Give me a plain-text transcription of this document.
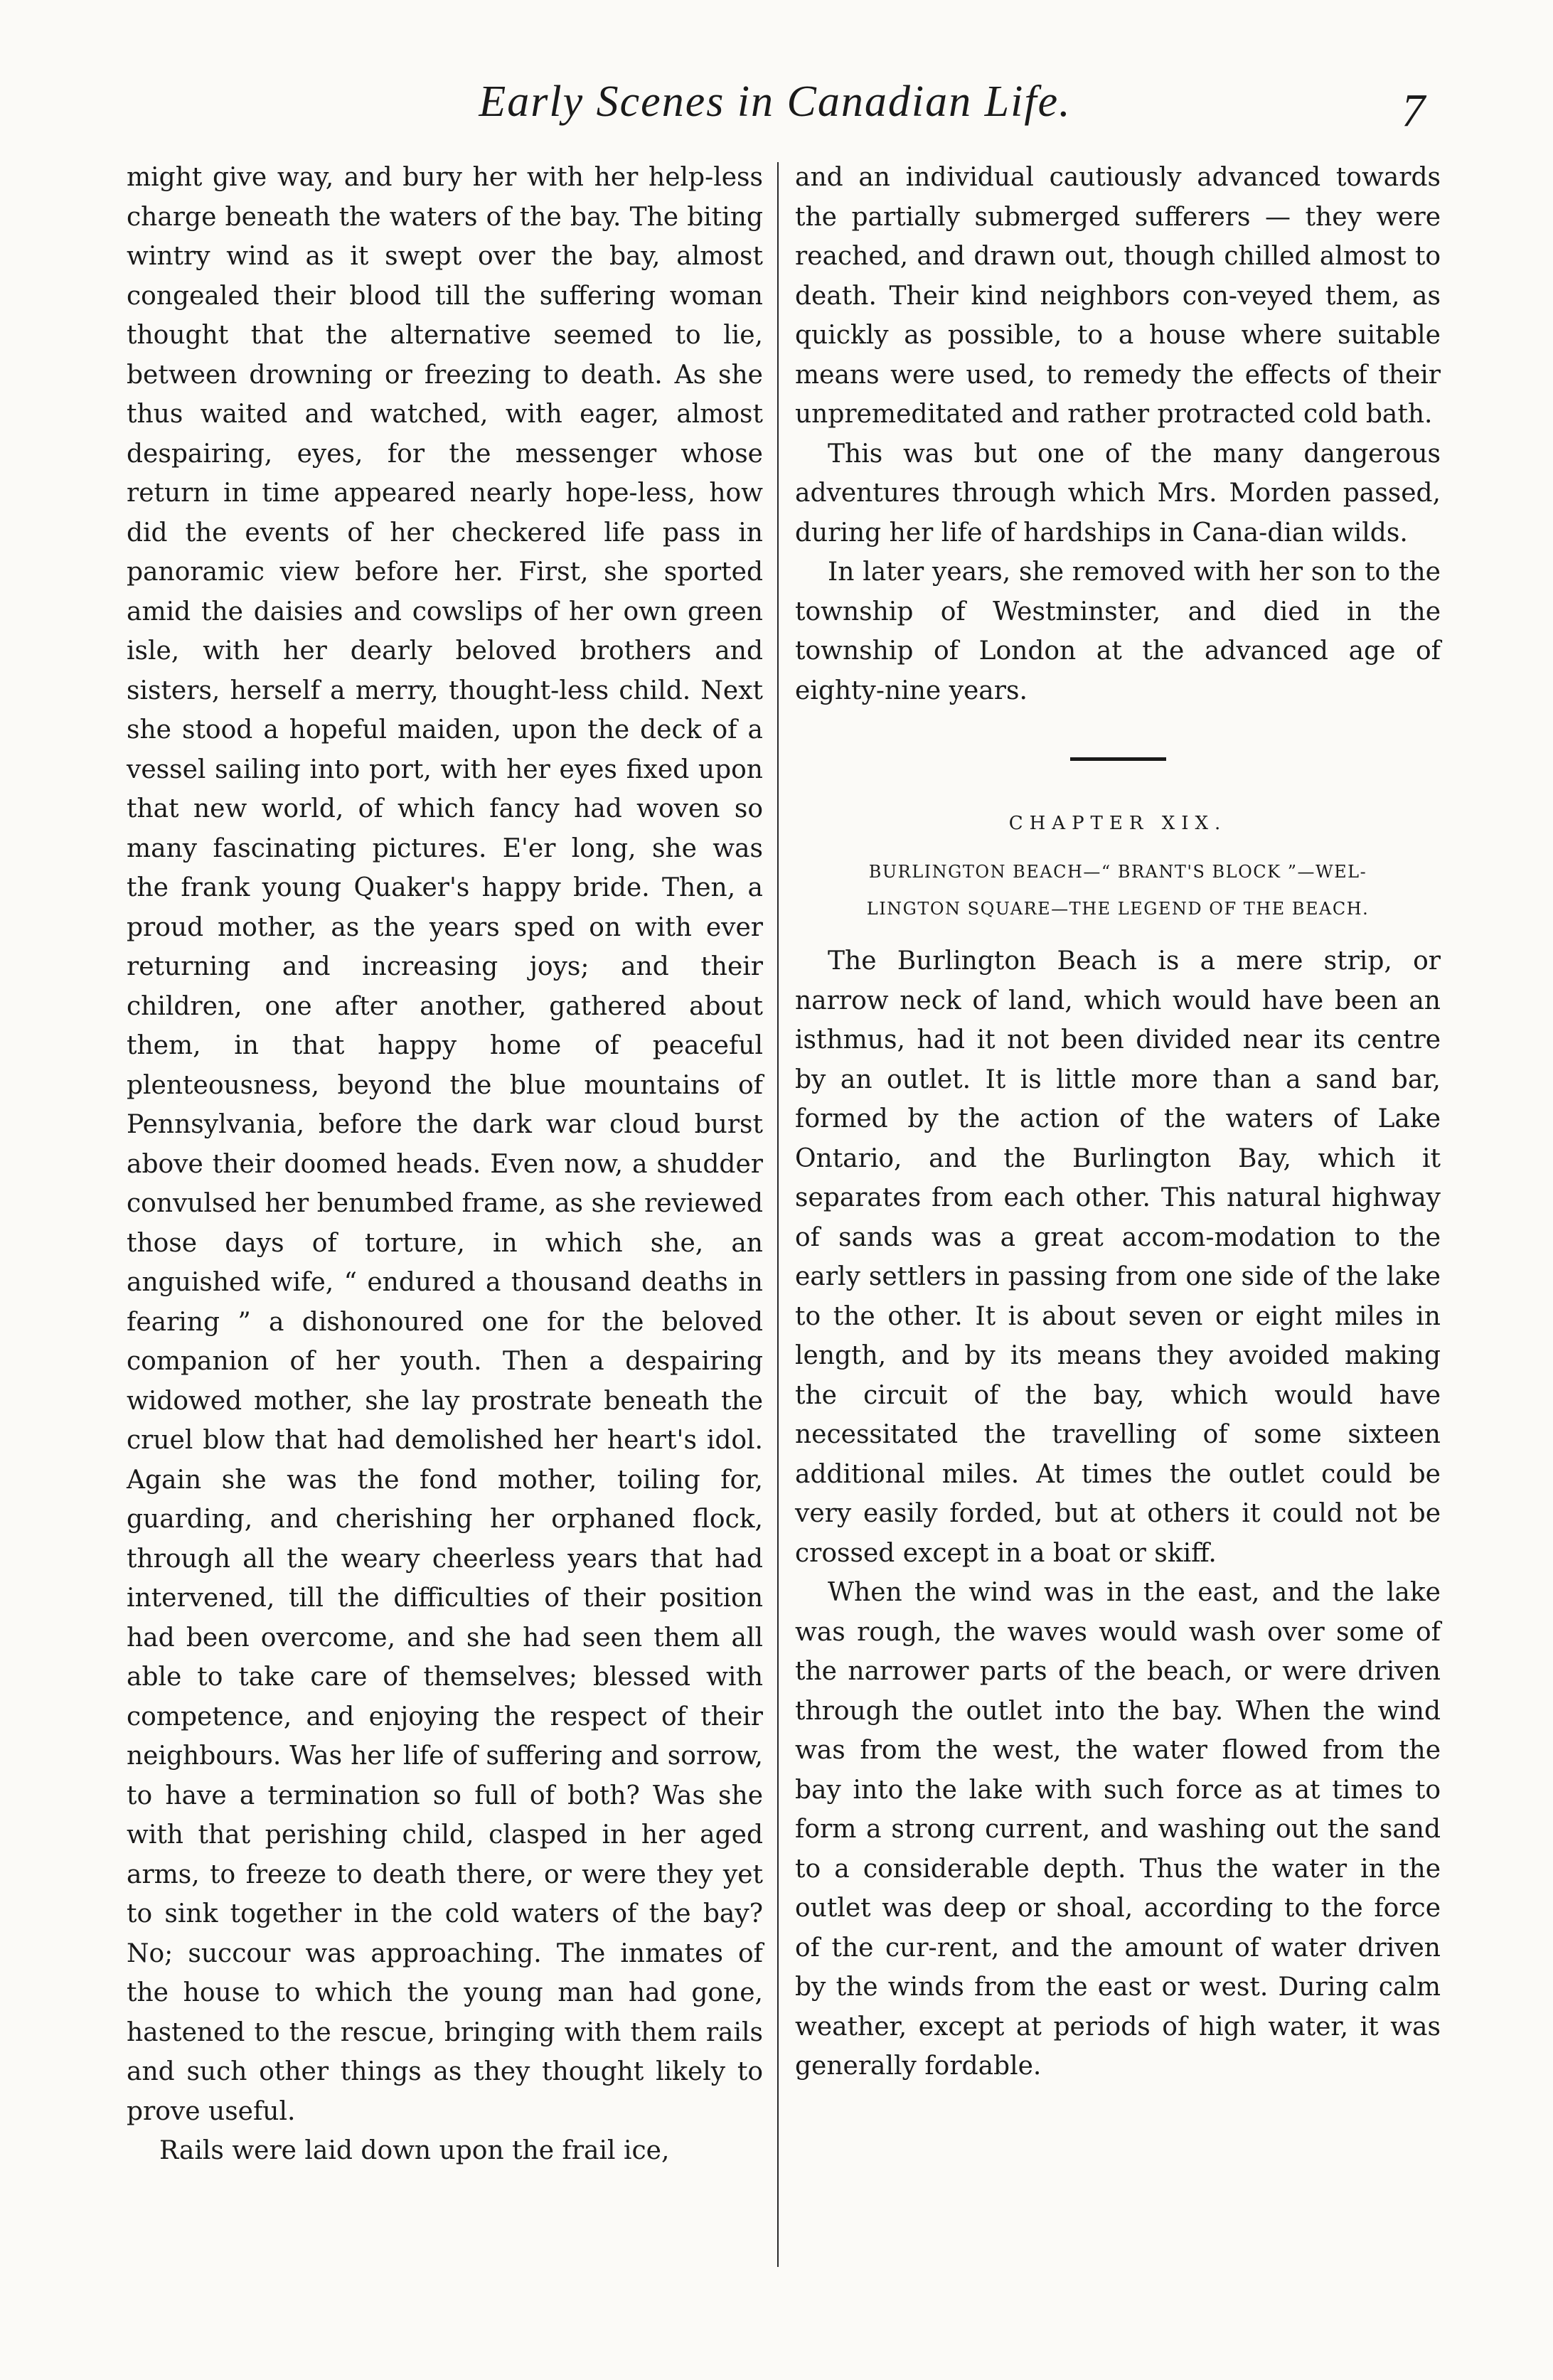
Early Scenes in Canadian Life.	7

might give way, and bury her with her help-less charge beneath the waters of the bay. The biting wintry wind as it swept over the bay, almost congealed their blood till the suffering woman thought that the alternative seemed to lie, between drowning or freezing to death. As she thus waited and watched, with eager, almost despairing, eyes, for the messenger whose return in time appeared nearly hope-less, how did the events of her checkered life pass in panoramic view before her. First, she sported amid the daisies and cowslips of her own green isle, with her dearly beloved brothers and sisters, herself a merry, thought-less child. Next she stood a hopeful maiden, upon the deck of a vessel sailing into port, with her eyes fixed upon that new world, of which fancy had woven so many fascinating pictures. E'er long, she was the frank young Quaker's happy bride. Then, a proud mother, as the years sped on with ever returning and increasing joys; and their children, one after another, gathered about them, in that happy home of peaceful plenteousness, beyond the blue mountains of Pennsylvania, before the dark war cloud burst above their doomed heads. Even now, a shudder convulsed her benumbed frame, as she reviewed those days of torture, in which she, an anguished wife, “ endured a thousand deaths in fearing ” a dishonoured one for the beloved companion of her youth. Then a despairing widowed mother, she lay prostrate beneath the cruel blow that had demolished her heart's idol. Again she was the fond mother, toiling for, guarding, and cherishing her orphaned flock, through all the weary cheerless years that had intervened, till the difficulties of their position had been overcome, and she had seen them all able to take care of themselves; blessed with competence, and enjoying the respect of their neighbours. Was her life of suffering and sorrow, to have a termination so full of both? Was she with that perishing child, clasped in her aged arms, to freeze to death there, or were they yet to sink together in the cold waters of the bay? No; succour was approaching. The inmates of the house to which the young man had gone, hastened to the rescue, bringing with them rails and such other things as they thought likely to prove useful.

Rails were laid down upon the frail ice,

and an individual cautiously advanced towards the partially submerged sufferers — they were reached, and drawn out, though chilled almost to death. Their kind neighbors con-veyed them, as quickly as possible, to a house where suitable means were used, to remedy the effects of their unpremeditated and rather protracted cold bath.

This was but one of the many dangerous adventures through which Mrs. Morden passed, during her life of hardships in Cana-dian wilds.

In later years, she removed with her son to the township of Westminster, and died in the township of London at the advanced age of eighty-nine years.

CHAPTER XIX.
BURLINGTON BEACH—“ BRANT'S BLOCK ”—WEL-
LINGTON SQUARE—THE LEGEND OF THE BEACH.

The Burlington Beach is a mere strip, or narrow neck of land, which would have been an isthmus, had it not been divided near its centre by an outlet. It is little more than a sand bar, formed by the action of the waters of Lake Ontario, and the Burlington Bay, which it separates from each other. This natural highway of sands was a great accom-modation to the early settlers in passing from one side of the lake to the other. It is about seven or eight miles in length, and by its means they avoided making the circuit of the bay, which would have necessitated the travelling of some sixteen additional miles. At times the outlet could be very easily forded, but at others it could not be crossed except in a boat or skiff.

When the wind was in the east, and the lake was rough, the waves would wash over some of the narrower parts of the beach, or were driven through the outlet into the bay. When the wind was from the west, the water flowed from the bay into the lake with such force as at times to form a strong current, and washing out the sand to a considerable depth. Thus the water in the outlet was deep or shoal, according to the force of the cur-rent, and the amount of water driven by the winds from the east or west. During calm weather, except at periods of high water, it was generally fordable.
